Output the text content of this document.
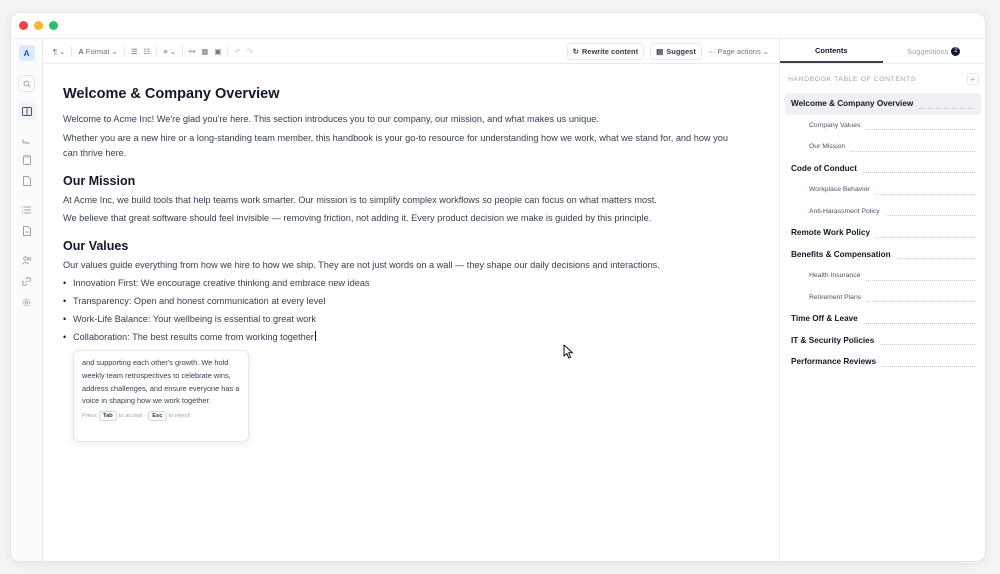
A	¶ ⌄ A Format ⌄ ☰ ☷ ≡ ⌄ ⚯ ▦ ▣ ↶ ↷	↻ Rewrite content ▤ Suggest ⋯ Page actions ⌄
Welcome & Company Overview

Welcome to Acme Inc! We're glad you're here. This section introduces you to our company, our mission, and what makes us unique.

Whether you are a new hire or a long-standing team member, this handbook is your go-to resource for understanding how we work, what we stand for, and how you can thrive here.

Our Mission

At Acme Inc, we build tools that help teams work smarter. Our mission is to simplify complex workflows so people can focus on what matters most.

We believe that great software should feel invisible — removing friction, not adding it. Every product decision we make is guided by this principle.

Our Values

Our values guide everything from how we hire to how we ship. They are not just words on a wall — they shape our daily decisions and interactions.

• Innovation First: We encourage creative thinking and embrace new ideas
• Transparency: Open and honest communication at every level
• Work-Life Balance: Your wellbeing is essential to great work
• Collaboration: The best results come from working together
and supporting each other's growth. We hold weekly team retrospectives to celebrate wins, address challenges, and ensure everyone has a voice in shaping how we work together.
Press	Tab	to accept ·	Esc	to reject
Contents	Suggestions 2
HANDBOOK TABLE OF CONTENTS	+
Welcome & Company Overview
Company Values
Our Mission
Code of Conduct
Workplace Behavior
Anti-Harassment Policy
Remote Work Policy
Benefits & Compensation
Health Insurance
Retirement Plans
Time Off & Leave
IT & Security Policies
Performance Reviews
